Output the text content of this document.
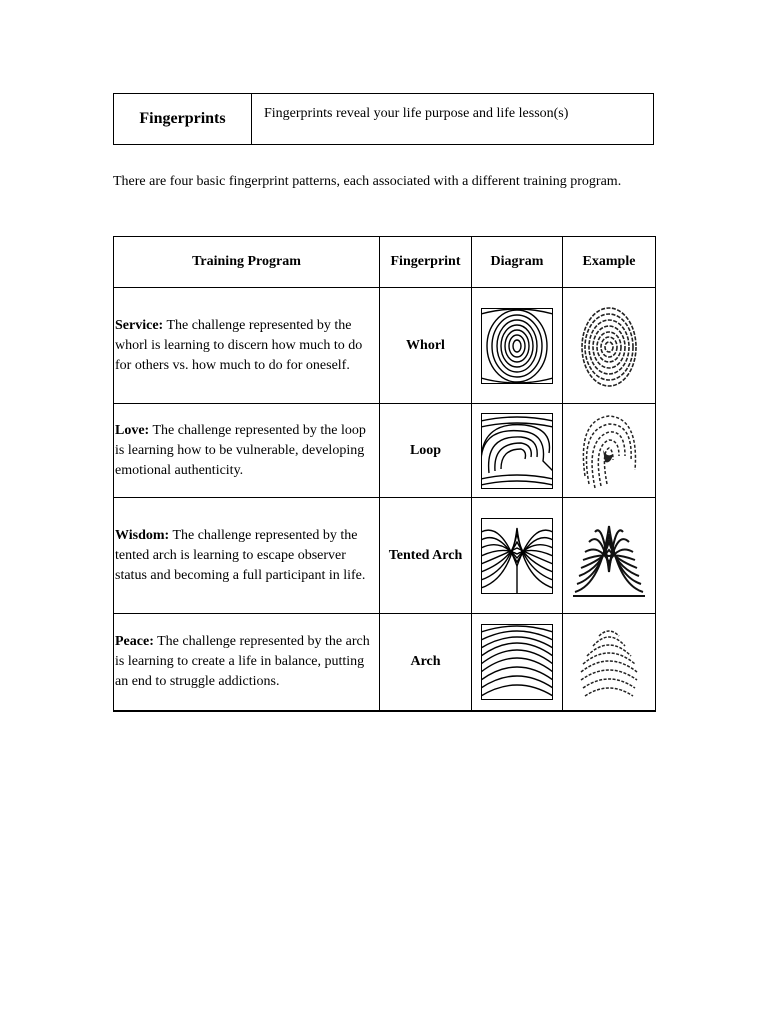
Fingerprints	Fingerprints reveal your life purpose and life lesson(s)
There are four basic fingerprint patterns, each associated with a different training program.
Training Program	Fingerprint	Diagram	Example
Service: The challenge represented by the whorl is learning to discern how much to do for others vs. how much to do for oneself.	Whorl	

Love: The challenge represented by the loop is learning how to be vulnerable, developing emotional authenticity.	Loop	

Wisdom: The challenge represented by the tented arch is learning to escape observer status and becoming a full participant in life.	Tented Arch	

Peace: The challenge represented by the arch is learning to create a life in balance, putting an end to struggle addictions.	Arch	
